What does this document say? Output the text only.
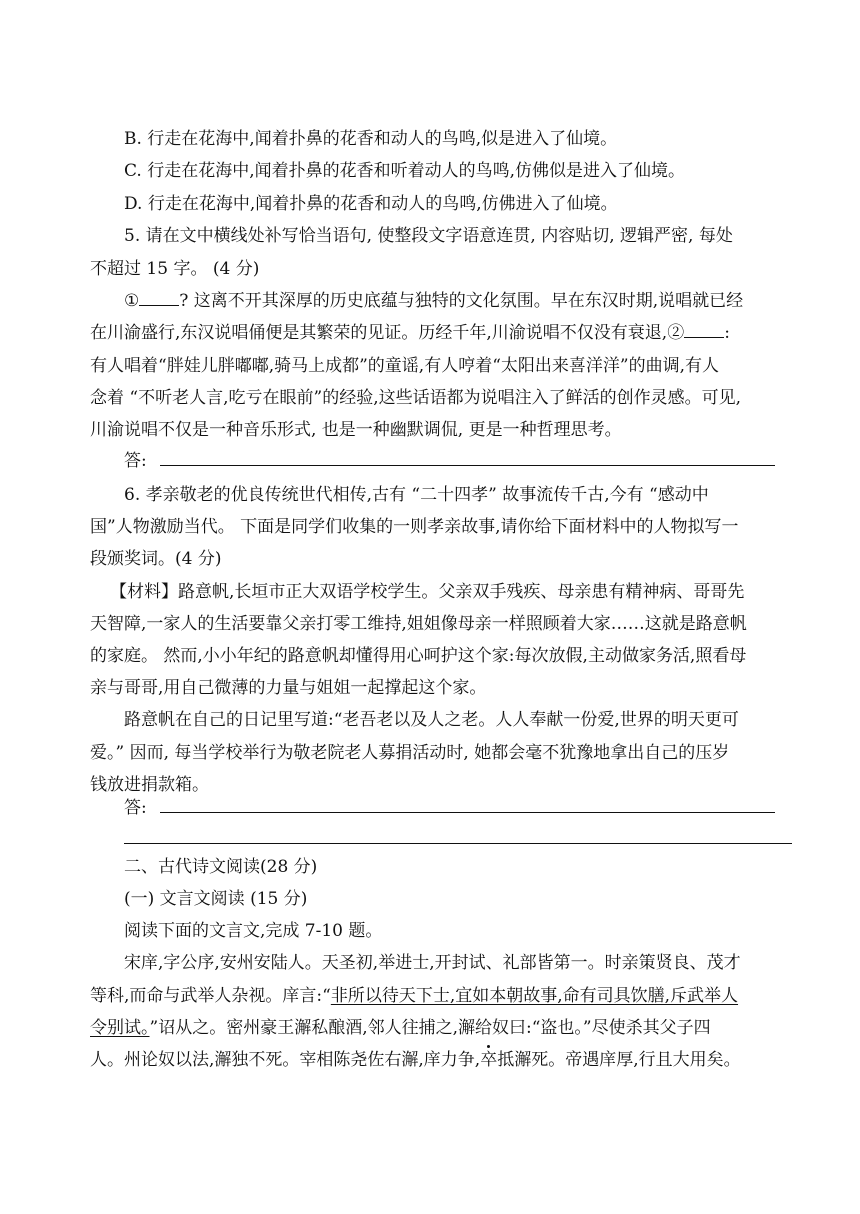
B. 行走在花海中,闻着扑鼻的花香和动人的鸟鸣,似是进入了仙境。
C. 行走在花海中,闻着扑鼻的花香和听着动人的鸟鸣,仿佛似是进入了仙境。
D. 行走在花海中,闻着扑鼻的花香和动人的鸟鸣,仿佛进入了仙境。
5. 请在文中横线处补写恰当语句, 使整段文字语意连贯, 内容贴切, 逻辑严密, 每处
不超过 15 字。 (4 分)
① ? 这离不开其深厚的历史底蕴与独特的文化氛围。早在东汉时期,说唱就已经
在川渝盛行,东汉说唱俑便是其繁荣的见证。历经千年,川渝说唱不仅没有衰退,② :
有人唱着“胖娃儿胖嘟嘟,骑马上成都”的童谣,有人哼着“太阳出来喜洋洋”的曲调,有人
念着 “不听老人言,吃亏在眼前”的经验,这些话语都为说唱注入了鲜活的创作灵感。可见,
川渝说唱不仅是一种音乐形式, 也是一种幽默调侃, 更是一种哲理思考。
答:
6. 孝亲敬老的优良传统世代相传,古有 “二十四孝” 故事流传千古,今有 “感动中
国”人物激励当代。 下面是同学们收集的一则孝亲故事,请你给下面材料中的人物拟写一
段颁奖词。(4 分)
【材料】路意帆,长垣市正大双语学校学生。父亲双手残疾、母亲患有精神病、哥哥先
天智障,一家人的生活要靠父亲打零工维持,姐姐像母亲一样照顾着大家……这就是路意帆
的家庭。 然而,小小年纪的路意帆却懂得用心呵护这个家:每次放假,主动做家务活,照看母
亲与哥哥,用自己微薄的力量与姐姐一起撑起这个家。
路意帆在自己的日记里写道:“老吾老以及人之老。人人奉献一份爱,世界的明天更可
爱。” 因而, 每当学校举行为敬老院老人募捐活动时, 她都会毫不犹豫地拿出自己的压岁
钱放进捐款箱。
答:
二、古代诗文阅读(28 分)
(一) 文言文阅读 (15 分)
阅读下面的文言文,完成 7-10 题。
宋庠,字公序,安州安陆人。天圣初,举进士,开封试、礼部皆第一。时亲策贤良、茂才
等科,而命与武举人杂视。庠言:“非所以待天下士,宜如本朝故事,命有司具饮膳,斥武举人
令别试。”诏从之。密州豪王澥私酿酒,邻人往捕之,澥给奴曰:“盗也。”尽使杀其父子四
人。州论奴以法,澥独不死。宰相陈尧佐右澥,庠力争,卒抵澥死。帝遇庠厚,行且大用矣。
